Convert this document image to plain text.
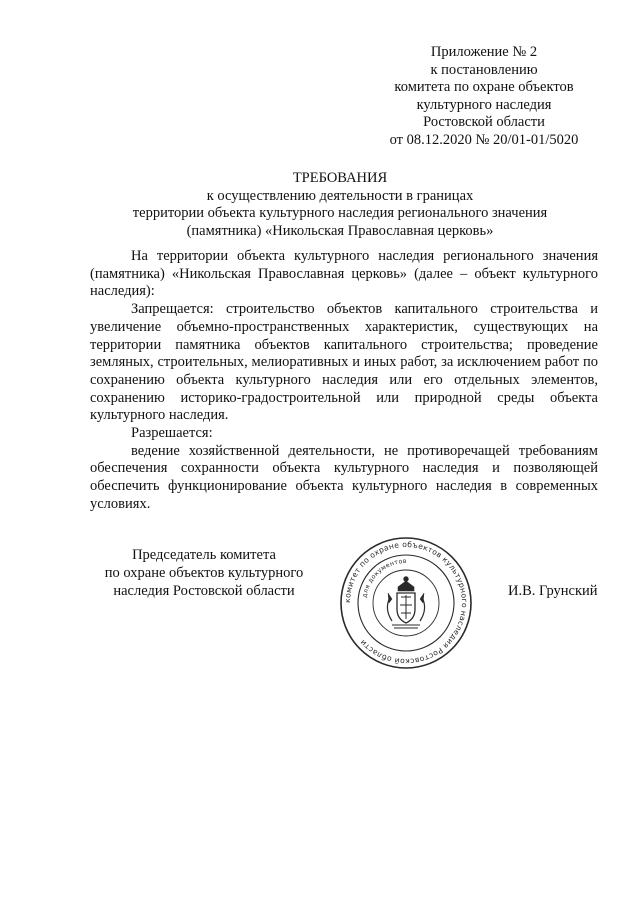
Приложение № 2
к постановлению
комитета по охране объектов
культурного наследия
Ростовской области
от 08.12.2020 № 20/01-01/5020
ТРЕБОВАНИЯ
к осуществлению деятельности в границах
территории объекта культурного наследия регионального значения
(памятника) «Никольская Православная церковь»

На территории объекта культурного наследия регионального значения (памятника) «Никольская Православная церковь» (далее – объект культурного наследия):

Запрещается: строительство объектов капитального строительства и увеличение объемно-пространственных характеристик, существующих на территории памятника объектов капитального строительства; проведение земляных, строительных, мелиоративных и иных работ, за исключением работ по сохранению объекта культурного наследия или его отдельных элементов, сохранению историко-градостроительной или природной среды объекта культурного наследия.

Разрешается:

ведение хозяйственной деятельности, не противоречащей требованиям обеспечения сохранности объекта культурного наследия и позволяющей обеспечить функционирование объекта культурного наследия в современных условиях.

Председатель комитета
по охране объектов культурного
наследия Ростовской области
комитет по охране объектов культурного наследия Ростовской области
для документов
И.В. Грунский
